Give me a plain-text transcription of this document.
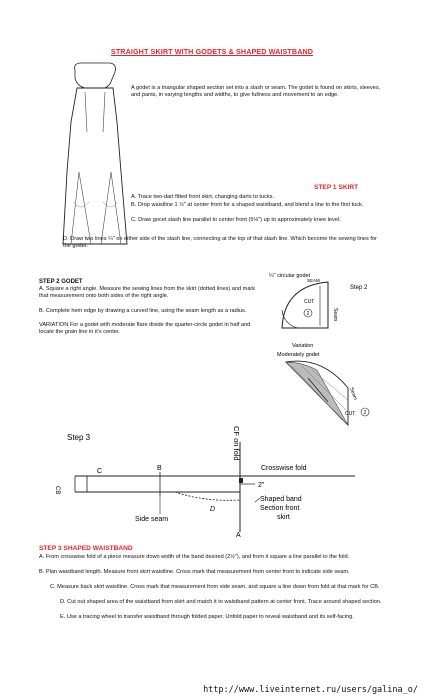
STRAIGHT SKIRT WITH GODETS & SHAPED WAISTBAND
A godet is a triangular shaped section set into a slash or seam. The godet is found on skirts, sleeves, and pants, in varying lengths and widths, to give fullness and movement to an edge.
STEP 1 SKIRT
A. Trace two-dart fitted front skirt, changing darts to tucks.
B. Drop waistline 1 ½" at center front for a shaped waistband, and blend a line to the first tuck.
C. Draw gocet slash line parallel to center front (5⅛") up to approximately knee level.
D. Draw two lines ¼" on either side of the slash line, connecting at the top of that slash line. Which become the sewing lines for the godet.
STEP 2 GODET
A. Square a right angle. Measure the sewing lines from the skirt (dotted lines) and mark that measurement onto both sides of the right angle.
B. Complete hem edge by drawing a curved line, using the seam length as a radius.
VARIATION For a godet with moderate flare divide the quarter-circle godet in half and locate the grain line in it's center.
¼" circular godet
Step 2
SEAM
CUT
2	Seam
Variation
Moderately godet
Seam
CUT 2
Step 3	CF on fold
B
C
CB
D
2"
Crosswise fold
Shaped band
Section front
skirt
Side seam
A
STEP 3 SHAPED WAISTBAND
A. From crosswise fold of a piece measure down width of the band desired (2½"), and from it square a line parallel to the fold.
B. Plan waistband length. Measure front skirt waistline. Cross mark that measurement from center front to indicate side seam.
C. Measure back skirt waistline. Cross mark that measurement from side seam, and square a line down from fold at that mark for CB.
D. Cut out shaped area of the waistband from skirt and match it to waistband pattern at center front. Trace around shaped section.
E. Use a tracing wheel to transfer waistband through folded paper. Unfold paper to reveal waistband and its self-facing.
http://www.liveinternet.ru/users/galina_o/
